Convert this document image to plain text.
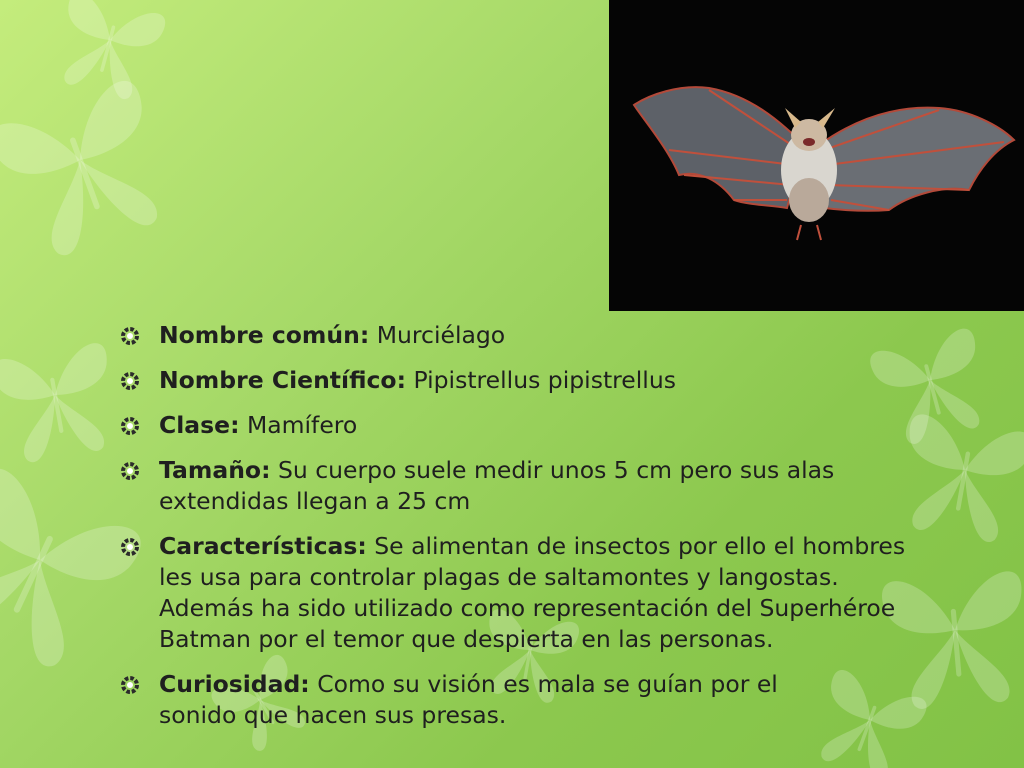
Nombre común: Murciélago
Nombre Científico: Pipistrellus pipistrellus
Clase: Mamífero
Tamaño: Su cuerpo suele medir unos 5 cm pero sus alas extendidas llegan a 25 cm
Características: Se alimentan de insectos por ello el hombres les usa para controlar plagas de saltamontes y langostas. Además ha sido utilizado como representación del Superhéroe Batman por el temor que despierta en las personas.
Curiosidad: Como su visión es mala se guían por el sonido que hacen sus presas.
